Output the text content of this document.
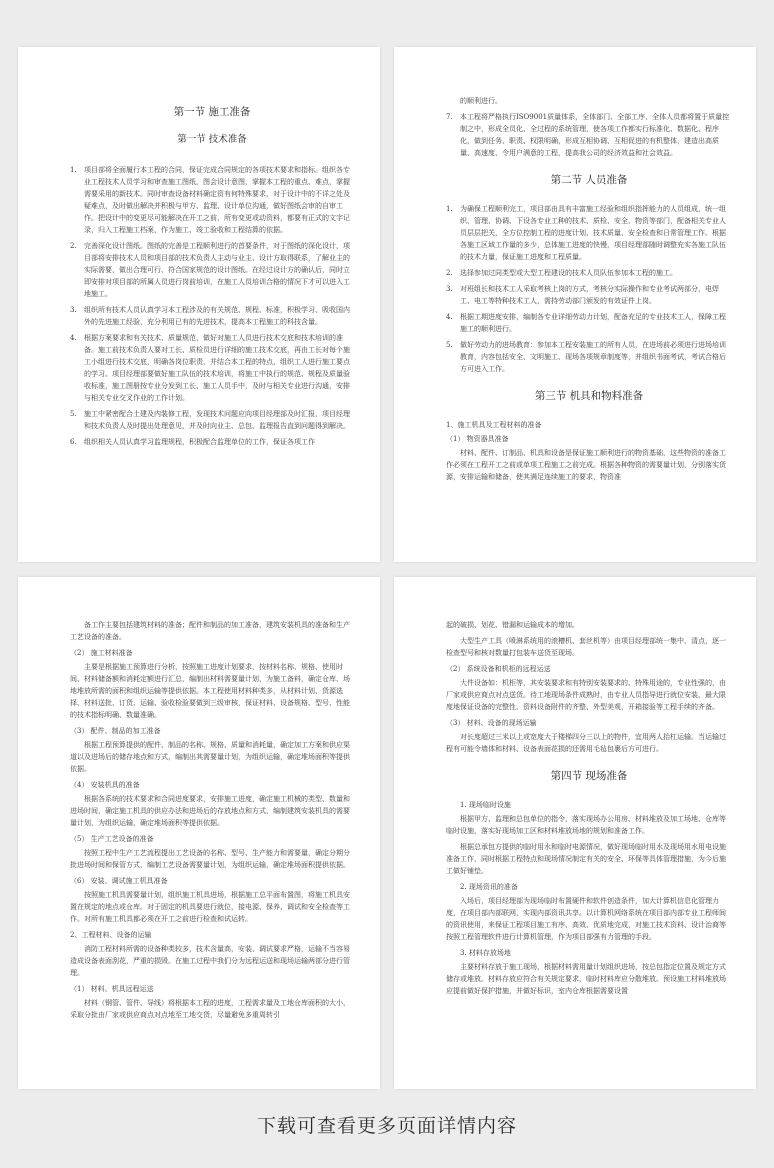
第一节 施工准备
第一节 技术准备
1. 项目部将全面履行本工程的合同，保证完成合同规定的各项技术要求和指标。组织各专业工程技术人员学习和审查施工图纸，图会设计意图，掌握本工程的重点、难点，掌握需要采用的新技术。同时审查设备材料确定资有何特殊要求，对于设计中的不详之处及疑难点，及时做出解决并积极与甲方、监理、设计单位沟通，做好图纸会审的自审工作。把设计中的变更尽可能解决在开工之前，所有变更或动资料，都要有正式的文字记录，归入工程施工档案，作为施工、竣工验收和工程结算的依据。
2. 完善深化设计图纸。图纸的完善是工程顺利进行的首要条件，对于图纸的深化设计，项目部将安排技术人员和项目部的技术负责人主动与业主、设计方取得联系，了解业主的实际需要，做出合理可行、符合国家规范的设计图纸。在经过设计方的确认后，同时立即安排对项目部的所属人员进行岗前培训，在施工人员培训合格的情况下才可以进入工地施工。
3. 组织所有技术人员认真学习本工程涉及的有关规范、规程、标准，积极学习、吸收国内外的先进施工经验，充分利用已有的先进技术，提高本工程施工的科技含量。
4. 根据方案要求和有关技术、质量规范，做好对施工人员进行技术交底和技术培训的准备。施工前技术负责人要对工长、质检员进行详细的施工技术交底，再由工长对每个施工小组进行技术交底，明确各岗位职责，并结合本工程的特点，组织工人进行施工要点的学习。项目经理部要做好施工队伍的技术培训，将施工中执行的规范、规程及质量验收标准，施工图册按专业分发到工长、施工人员手中，及时与相关专业进行沟通，安排与相关专业交叉作业的工作计划。
5. 施工中紧密配合土建及内装修工程，发现技术问题应向项目经理部及时汇报，项目经理和技术负责人及时提出处理意见，并及时向业主、总包、监理报告直到问题得到解决。
6. 组织相关人员认真学习监理规程，积极配合监理单位的工作，保证各项工作
的顺利进行。
7. 本工程将严格执行ISO9001质量体系，全体部门、全部工序、全体人员都将置于质量控制之中，形成全员化、全过程的系统管理，使各项工作都实行标准化、数据化、程序化，做到任务、职责、权限明确，形成互相协调、互相促进的有机整体，建造出高质量、高速度、令用户满意的工程，提高我公司的经济效益和社会效益。
第二节 人员准备
1. 为确保工程顺利完工，项目部由具有丰富施工经验和组织指挥能力的人员组成，统一组织、管理、协调、下设各专业工种的技术、质检、安全、物资等部门，配备相关专业人员层层把关，全方位控制工程的进度计划、技术质量、安全检查和日常管理工作。根据各施工区域工作量的多少，总体施工进度的快慢，项目经理部随时调整充实各施工队伍的技术力量，保证施工进度和工程质量。
2. 选择参加过同类型或大型工程建设的技术人员队伍参加本工程的施工。
3. 对班组长和技术工人采取考核上岗的方式，考核分实际操作和专业考试两部分，电焊工、电工等特种技术工人，需持劳动部门颁发的有效证件上岗。
4. 根据工期进度安排，编制各专业详细劳动力计划，配备充足的专业技术工人，保障工程施工的顺利进行。
5. 做好劳动力的进场教育：参加本工程安装施工的所有人员，在进场前必须进行进场培训教育，内容包括安全、文明施工、现场各项规章制度等，并组织书面考试，考试合格后方可进入工作。
第三节 机具和物料准备
1、施工机具及工程材料的准备
（1） 物资器具准备
材料、配件、订制品、机具和设备是保证施工顺利进行的物资基础，这些物资的准备工作必须在工程开工之前或单项工程施工之前完成。根据各种物资的需要量计划，分别落实货源，安排运输和储备，使其满足连续施工的要求，物资准
备工作主要包括建筑材料的准备；配件和制品的加工准备，建筑安装机具的准备和生产工艺设备的准备。
（2） 施工材料准备
主要是根据施工预算进行分析，按照施工进度计划要求，按材料名称、规格、使用时间、材料储备额和消耗定额进行汇总，编制出材料需要量计划，为施工备料，确定仓库、场地堆放所需的面积和组织运输等提供依据。本工程使用材料种类多，从材料计划、货源选择、材料送批、订货、运输、验收检验要做到三级审核，保证材料、设备规格、型号、性能的技术指标明确、数量准确。
（3） 配件、制品的加工准备
根据工程预算提供的配件、制品的名称、规格、质量和消耗量，确定加工方案和供应渠道以及进场后的储存地点和方式，编制出其需要量计划，为组织运输，确定堆场面积等提供依据。
（4） 安装机具的准备
根据各系统的技术要求和合同进度要求，安排施工进度，确定施工机械的类型、数量和进场时间，确定施工机具的供应办法和进场后的存放地点和方式，编制建筑安装机具的需要量计划，为组织运输，确定堆场面积等提供依据。
（5） 生产工艺设备的准备
按照工程中生产工艺流程提出工艺设备的名称、型号、生产能力和需要量，确定分期分批进场时间和保管方式，编制工艺设备需要量计划，为组织运输，确定堆场面积提供依据。
（6） 安装、调试施工机具准备
按照施工机具需要量计划，组织施工机具进场，根据施工总平面布置图，将施工机具安置在规定的地点或仓库。对于固定的机具要进行就位，接电源、保养、调试和安全检查等工作。对所有施工机具都必须在开工之前进行检查和试运转。
2、工程材料、设备的运输
消防工程材料所需的设备种类较多，技术含量高，安装、调试要求严格，运输不当容易造成设备表面刮花，严重的损毁。在施工过程中我们分为远程运送和现场运输两部分进行管理。
（1） 材料、机具远程运送
材料（钢管、管件、导线）将根据本工程的进度，工程需求量及工地仓库面积的大小，采取分批由厂家或供应商点对点地至工地交货，尽量避免多重周转引
起的破损、划花、错漏和运输成本的增加。
大型生产工具（喷淋系统用的滚槽机、套丝机等）由项目经理部统一集中、清点，逐一检查型号和核对数量打包装车送货至现场。
（2） 系统设备和机柜的远程运送
大件设备如：机柜等，其安装要求和有特别安装要求的、特殊用途的，专业性强的，由厂家或供应商点对点送货。待工地现场条件成熟时，由专业人员指导进行就位安装，最大限度地保证设备的完整性、资料设备附件的齐整、外型美观，开箱接验等工程手续的齐备。
（3） 材料、设备的现场运输
对长度超过三米以上或宽度大于楼梯四分三以上的物件，宜用两人抬杠运输。当运输过程有可能令墙体和材料、设备表面花损的还需用毛毡包裹后方可进行。
第四节 现场准备
1. 现场临时设施
根据甲方、监理和总包单位的指令，落实现场办公用房、材料堆放及加工场地、仓库等临时设施，落实好现场加工区和材料堆放场地的规划和准备工作。
根据总承包方提供的临时用水和临时电源情况，做好现场临时用水及现场用水用电设施准备工作，同时根据工程特点和现场情况制定有关的安全、环保等具体管理措施，为今后施工做好铺垫。
2. 现场资讯的准备
入场后，项目经理部为现场临时布置硬件和软件创造条件，加大计算机信息化管理力度，在项目部内部联网，实现内部资讯共享。以计算机网络系统在项目部内部专业工程师间的资讯使用，来保证工程项目施工有序、高效、优质地完成，对施工技术资料、设计治商等按照工程管理软件进行计算机管理，作为项目部强有力管理的手段。
3. 材料存放场地
主要材料存放于施工现场，根据材料需用量计划组织进场，按总包指定位置及规定方式储存或堆放。材料存放应符合有关规定要求，临时材料库应分散堆放。预设施工材料堆放场应提前做好保护措施，并做好标识，室内仓库根据需要设置
下载可查看更多页面详情内容
